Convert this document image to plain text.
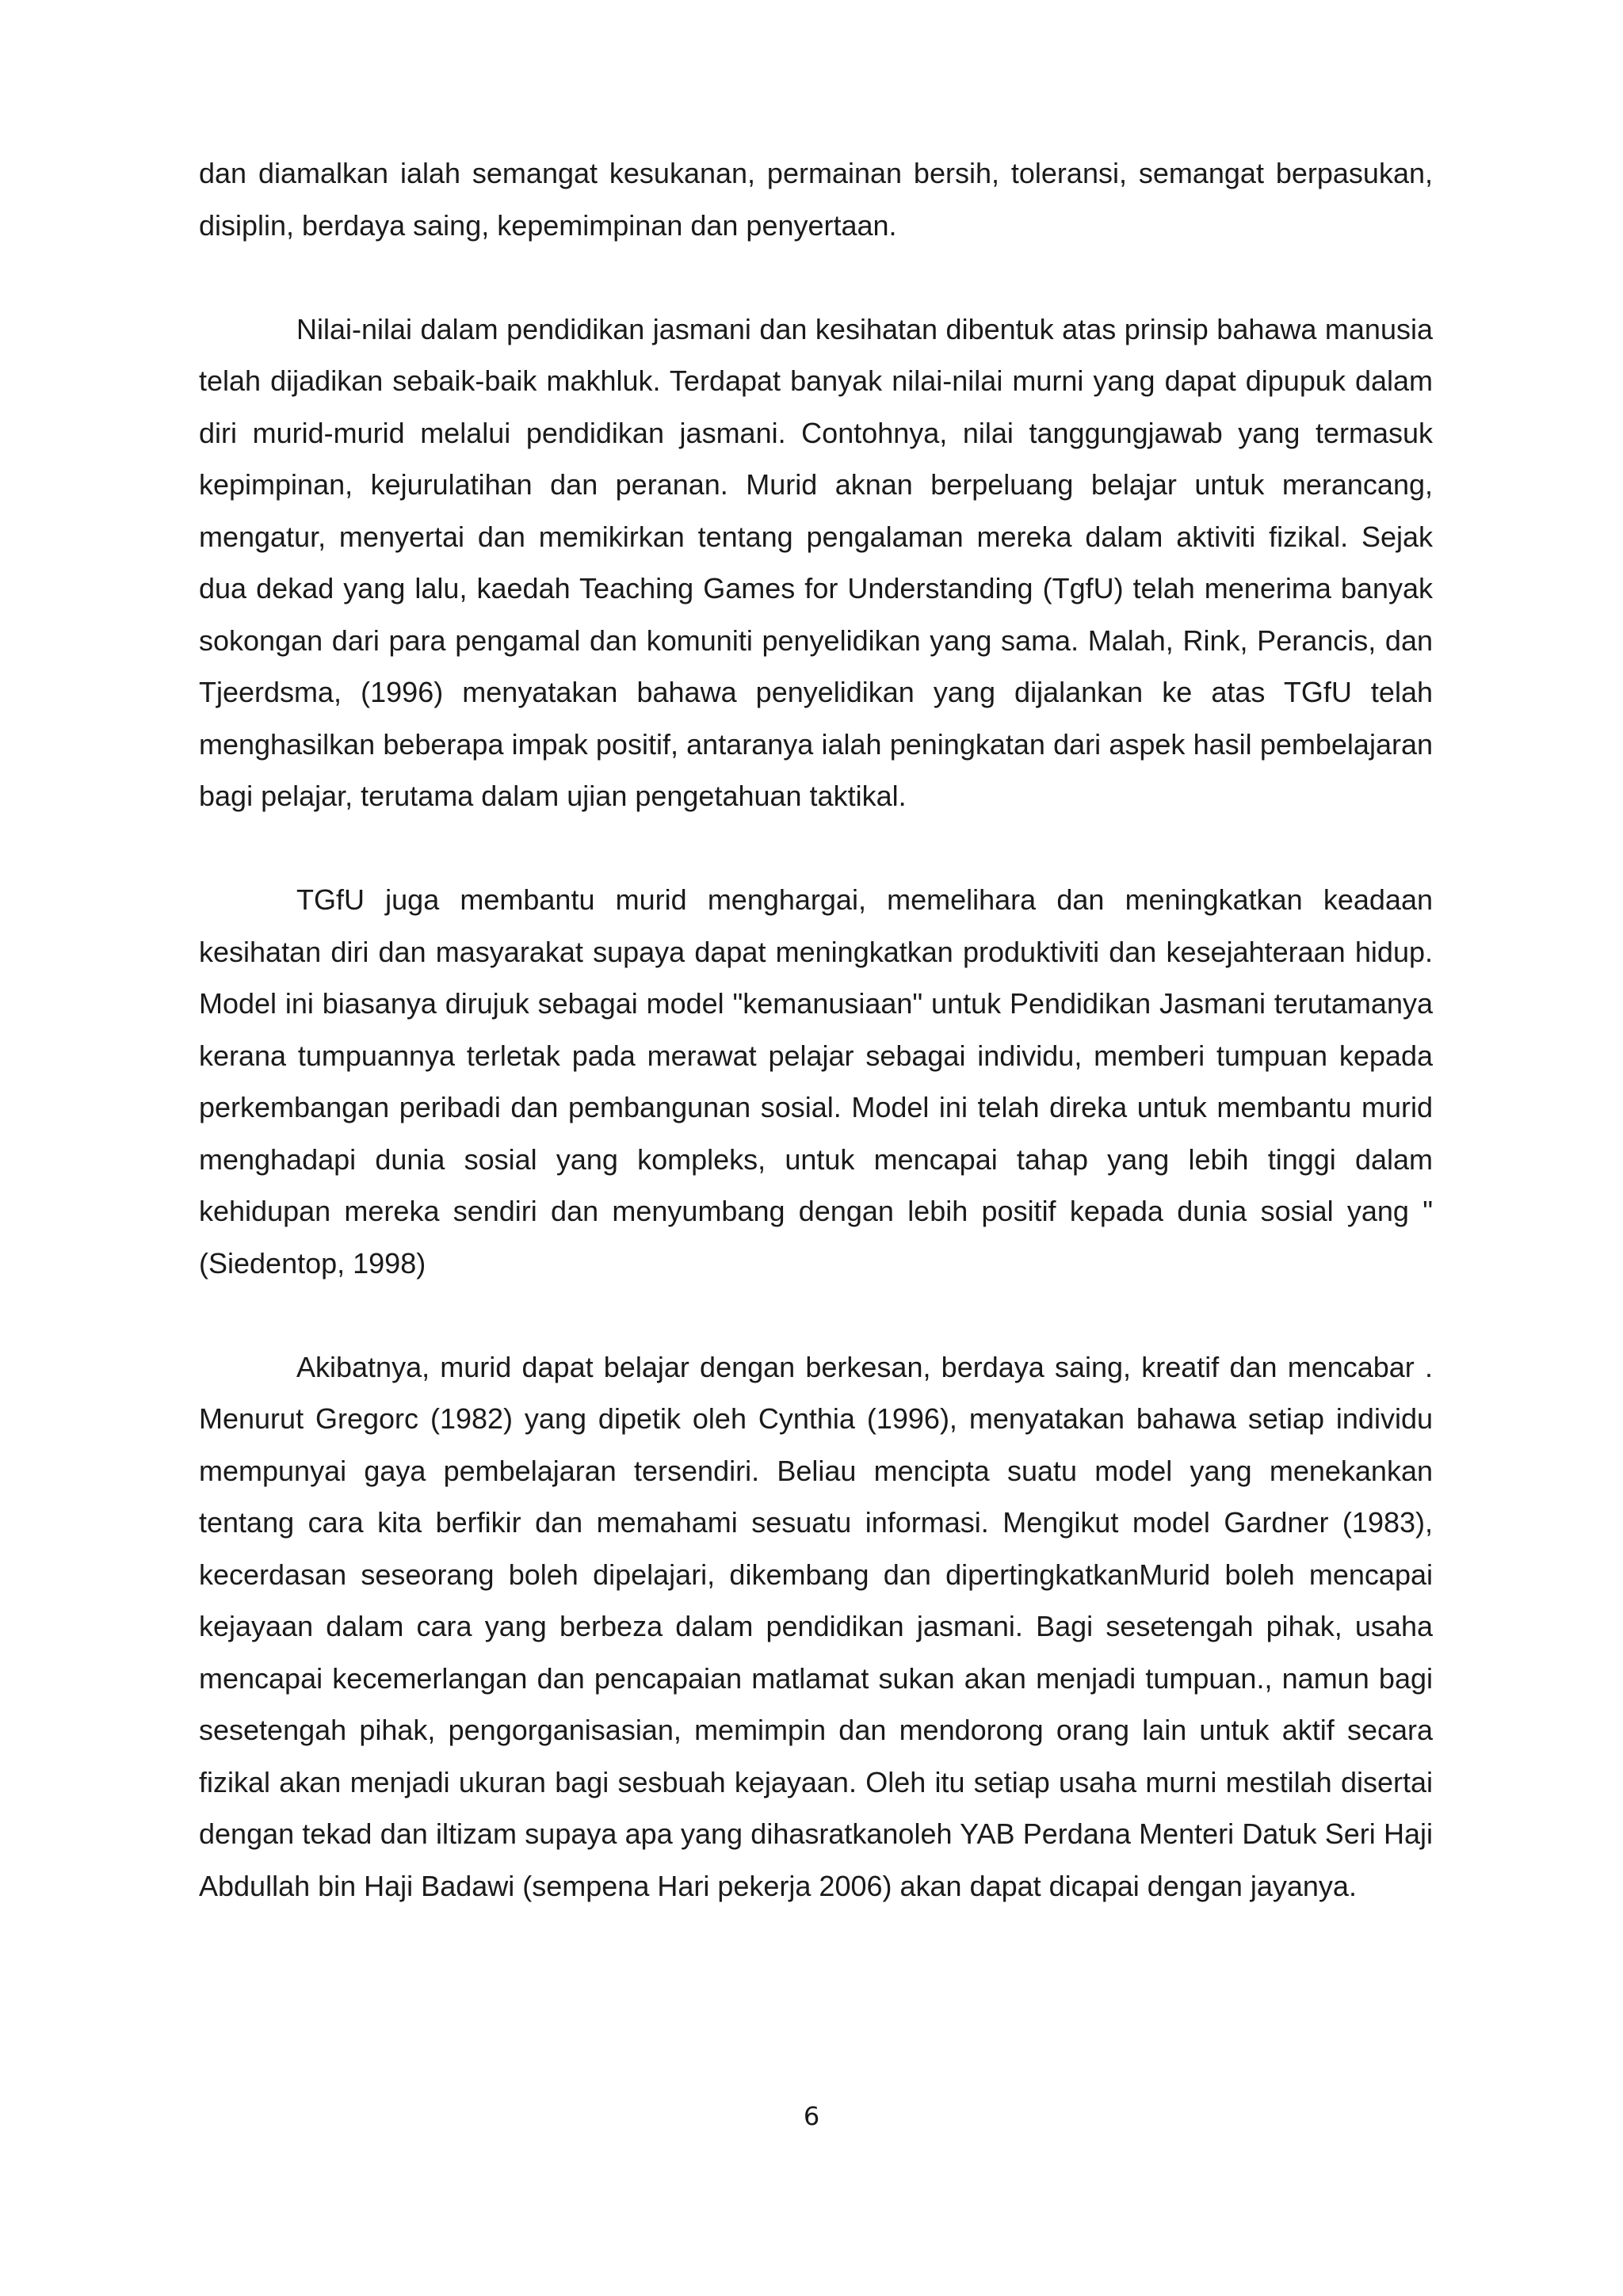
dan diamalkan ialah semangat kesukanan, permainan bersih, toleransi, semangat berpasukan, disiplin, berdaya saing, kepemimpinan dan penyertaan.

Nilai-nilai dalam pendidikan jasmani dan kesihatan dibentuk atas prinsip bahawa manusia telah dijadikan sebaik-baik makhluk. Terdapat banyak nilai-nilai murni yang dapat dipupuk dalam diri murid-murid melalui pendidikan jasmani. Contohnya, nilai tanggungjawab yang termasuk kepimpinan, kejurulatihan dan peranan. Murid aknan berpeluang belajar untuk merancang, mengatur, menyertai dan memikirkan tentang pengalaman mereka dalam aktiviti fizikal. Sejak dua dekad yang lalu, kaedah Teaching Games for Understanding (TgfU) telah menerima banyak sokongan dari para pengamal dan komuniti penyelidikan yang sama. Malah, Rink, Perancis, dan Tjeerdsma, (1996) menyatakan bahawa penyelidikan yang dijalankan ke atas TGfU telah menghasilkan beberapa impak positif, antaranya ialah peningkatan dari aspek hasil pembelajaran bagi pelajar, terutama dalam ujian pengetahuan taktikal.

TGfU juga membantu murid menghargai, memelihara dan meningkatkan keadaan kesihatan diri dan masyarakat supaya dapat meningkatkan produktiviti dan kesejahteraan hidup. Model ini biasanya dirujuk sebagai model "kemanusiaan" untuk Pendidikan Jasmani terutamanya kerana tumpuannya terletak pada merawat pelajar sebagai individu, memberi tumpuan kepada perkembangan peribadi dan pembangunan sosial. Model ini telah direka untuk membantu murid menghadapi dunia sosial yang kompleks, untuk mencapai tahap yang lebih tinggi dalam kehidupan mereka sendiri dan menyumbang dengan lebih positif kepada dunia sosial yang "(Siedentop, 1998)

Akibatnya, murid dapat belajar dengan berkesan, berdaya saing, kreatif dan mencabar . Menurut Gregorc (1982) yang dipetik oleh Cynthia (1996), menyatakan bahawa setiap individu mempunyai gaya pembelajaran tersendiri. Beliau mencipta suatu model yang menekankan tentang cara kita berfikir dan memahami sesuatu informasi. Mengikut model Gardner (1983), kecerdasan seseorang boleh dipelajari, dikembang dan dipertingkatkanMurid boleh mencapai kejayaan dalam cara yang berbeza dalam pendidikan jasmani. Bagi sesetengah pihak, usaha mencapai kecemerlangan dan pencapaian matlamat sukan akan menjadi tumpuan., namun bagi sesetengah pihak, pengorganisasian, memimpin dan mendorong orang lain untuk aktif secara fizikal akan menjadi ukuran bagi sesbuah kejayaan. Oleh itu setiap usaha murni mestilah disertai dengan tekad dan iltizam supaya apa yang dihasratkanoleh YAB Perdana Menteri Datuk Seri Haji Abdullah bin Haji Badawi (sempena Hari pekerja 2006) akan dapat dicapai dengan jayanya.

6
